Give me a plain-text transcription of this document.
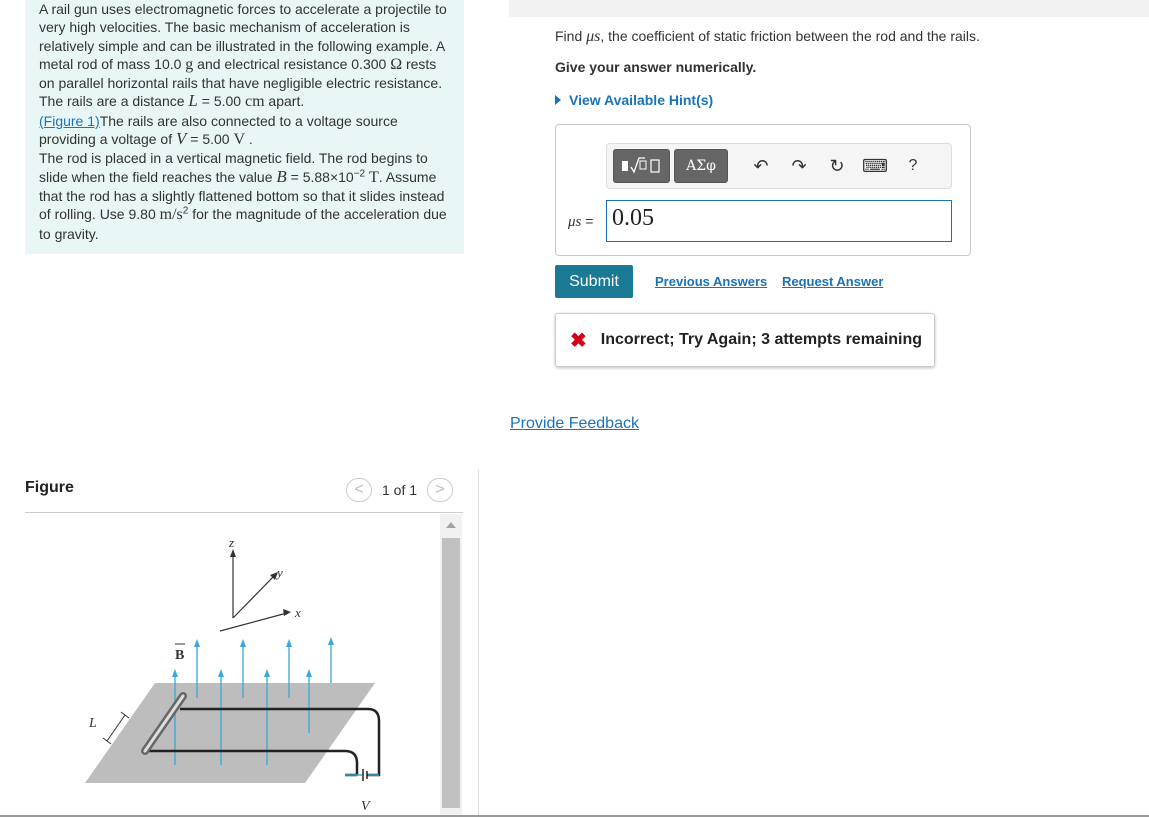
A rail gun uses electromagnetic forces to accelerate a projectile to very high velocities. The basic mechanism of acceleration is relatively simple and can be illustrated in the following example. A metal rod of mass 10.0 g and electrical resistance 0.300 Ω rests on parallel horizontal rails that have negligible electric resistance. The rails are a distance L = 5.00 cm apart.
(Figure 1)The rails are also connected to a voltage source providing a voltage of V = 5.00 V .

The rod is placed in a vertical magnetic field. The rod begins to slide when the field reaches the value $B = 5.88\times 10^{-2}$ T. Assume that the rod has a slightly flattened bottom so that it slides instead of rolling. Use 9.80 $m/s^2$ for the magnitude of the acceleration due to gravity.

Figure	<	1 of 1	>
z
y
x
B
V
L
Find μs, the coefficient of static friction between the rod and the rails.
Give your answer numerically.
View Available Hint(s)
ΑΣφ	↶	↷	↻ ⌨	?
μs = 0.05
Submit	Previous Answers Request Answer
✖ Incorrect; Try Again; 3 attempts remaining
Provide Feedback
